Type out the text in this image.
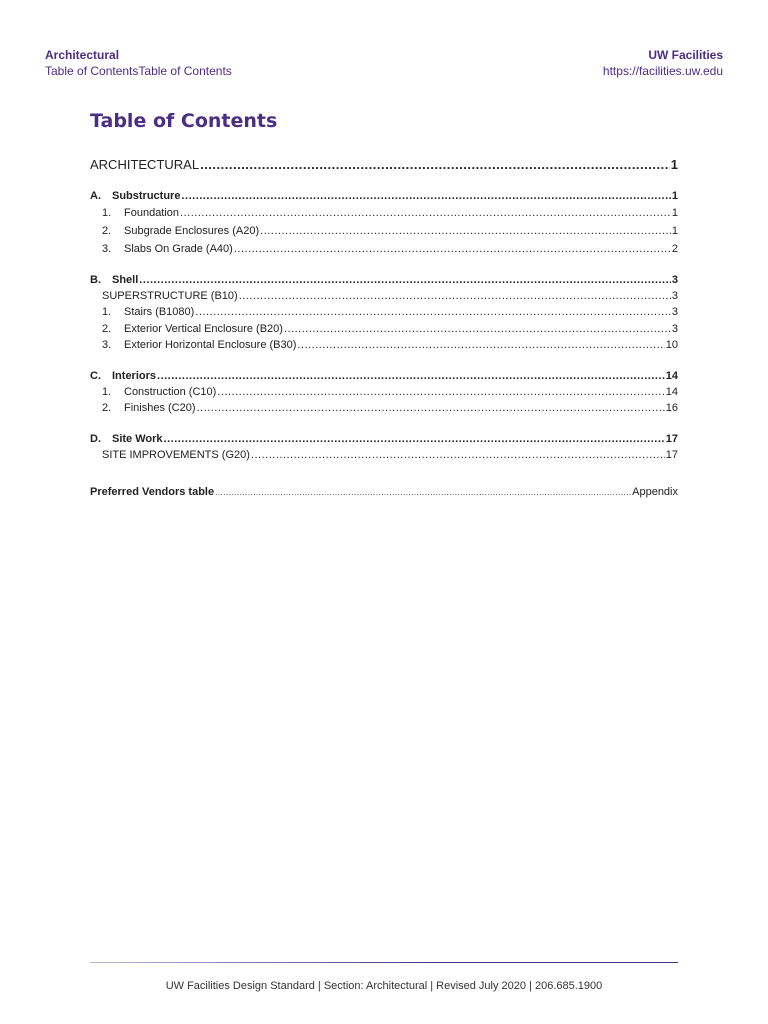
Architectural
Table of ContentsTable of Contents
UW Facilities
https://facilities.uw.edu
Table of Contents
ARCHITECTURAL .....	1
A.	Substructure .....	1
1.	Foundation .....	1
2.	Subgrade Enclosures (A20) .....	1
3.	Slabs On Grade (A40) .....	2
B.	Shell .....	3
SUPERSTRUCTURE (B10) .....	3
1.	Stairs (B1080) .....	3
2.	Exterior Vertical Enclosure (B20) .....	3
3.	Exterior Horizontal Enclosure (B30) .....	10
C.	Interiors .....	14
1.	Construction (C10) .....	14
2.	Finishes (C20) .....	16
D.	Site Work .....	17
SITE IMPROVEMENTS (G20) .....	17
Preferred Vendors table .....	Appendix
UW Facilities Design Standard | Section: Architectural | Revised July 2020 | 206.685.1900
